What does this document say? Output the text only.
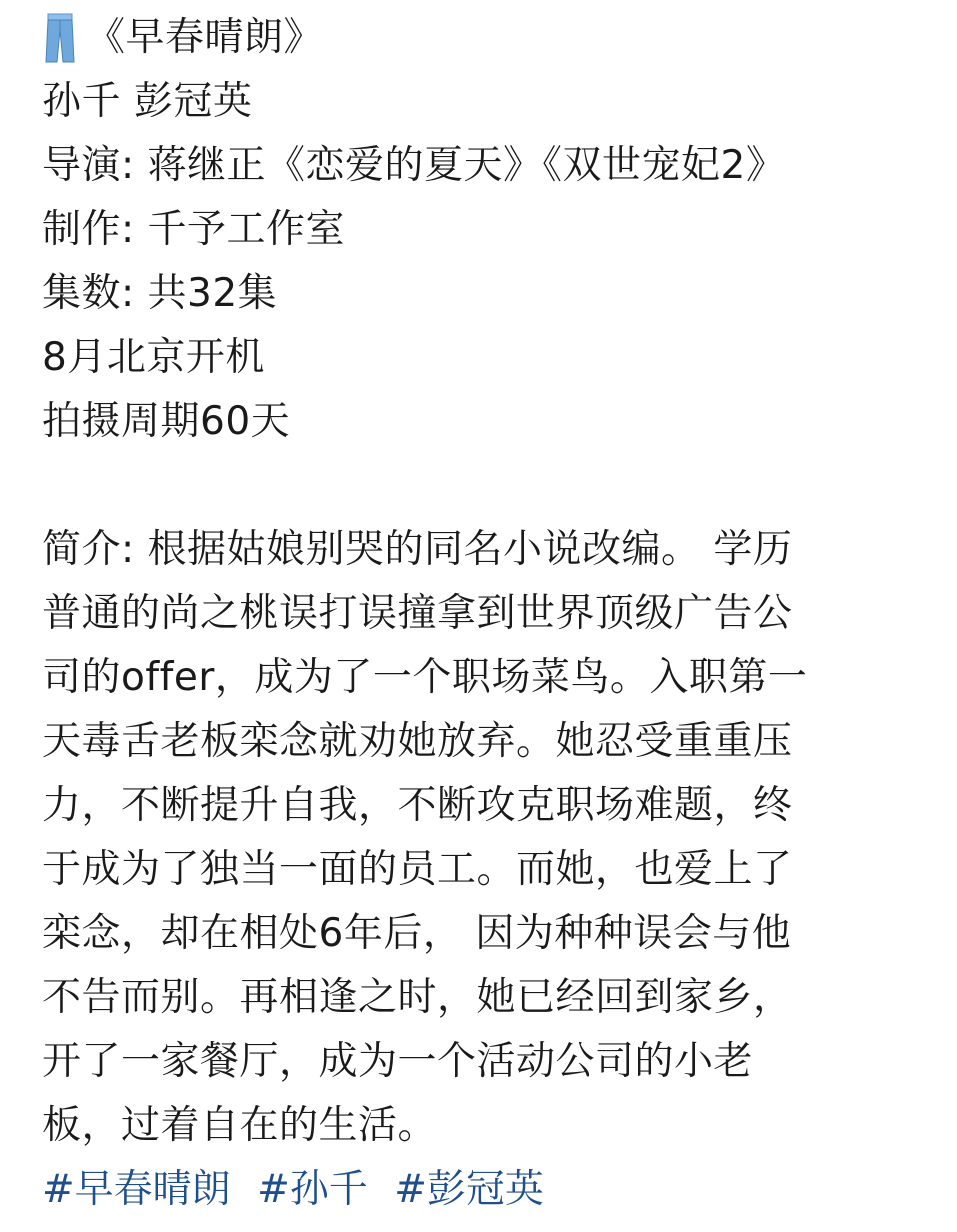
《早春晴朗》
孙千 彭冠英
导演: 蒋继正《恋爱的夏天》《双世宠妃2》
制作: 千予工作室
集数: 共32集
8月北京开机
拍摄周期60天
简介: 根据姑娘别哭的同名小说改编。 学历
普通的尚之桃误打误撞拿到世界顶级广告公
司的offer，成为了一个职场菜鸟。入职第一
天毒舌老板栾念就劝她放弃。她忍受重重压
力，不断提升自我，不断攻克职场难题，终
于成为了独当一面的员工。而她，也爱上了
栾念，却在相处6年后， 因为种种误会与他
不告而别。再相逢之时，她已经回到家乡，
开了一家餐厅，成为一个活动公司的小老
板，过着自在的生活。
#早春晴朗 #孙千 #彭冠英
